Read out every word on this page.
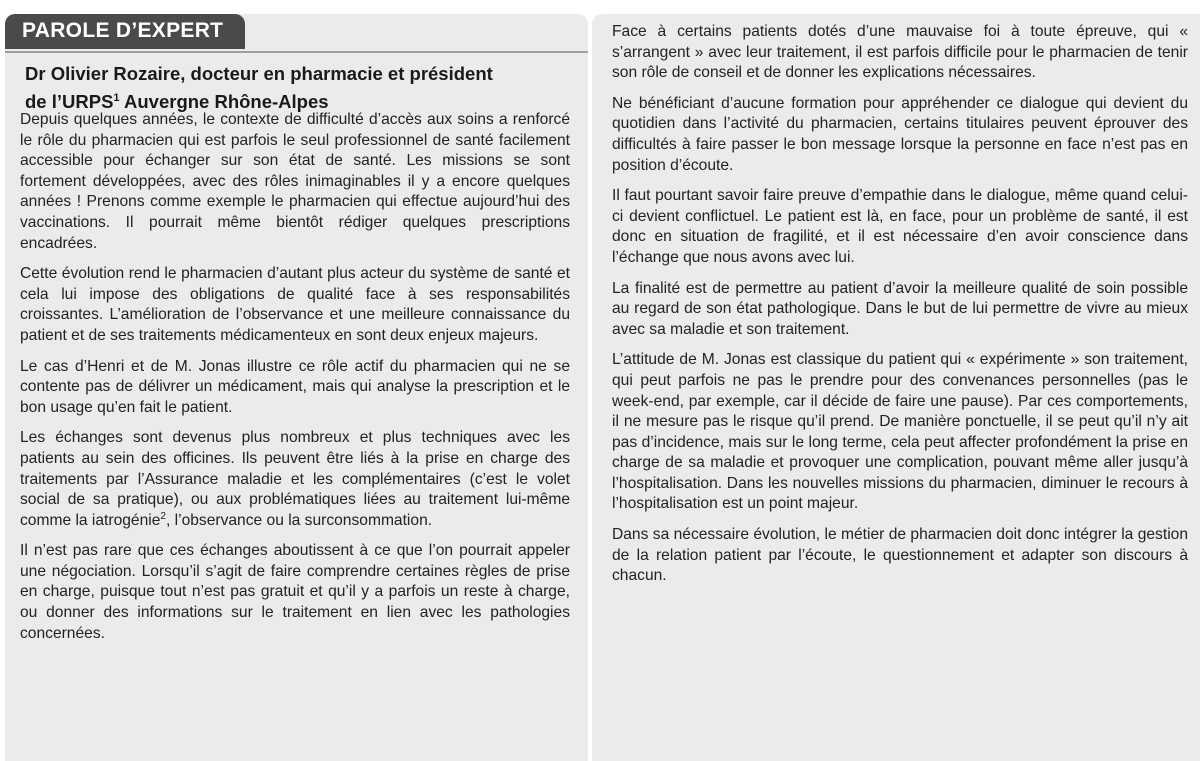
PAROLE D’EXPERT
Dr Olivier Rozaire, docteur en pharmacie et président
de l’URPS$^1$ Auvergne Rhône-Alpes

Depuis quelques années, le contexte de difficulté d’accès aux soins a renforcé le rôle du pharmacien qui est parfois le seul professionnel de santé facilement accessible pour échanger sur son état de santé. Les missions se sont fortement développées, avec des rôles inimaginables il y a encore quelques années ! Prenons comme exemple le pharmacien qui effectue aujourd’hui des vaccinations. Il pourrait même bientôt rédiger quelques prescriptions encadrées.

Cette évolution rend le pharmacien d’autant plus acteur du système de santé et cela lui impose des obligations de qualité face à ses responsabilités croissantes. L’amélioration de l’observance et une meilleure connaissance du patient et de ses traitements médicamenteux en sont deux enjeux majeurs.

Le cas d’Henri et de M. Jonas illustre ce rôle actif du pharmacien qui ne se contente pas de délivrer un médicament, mais qui analyse la prescription et le bon usage qu’en fait le patient.

Les échanges sont devenus plus nombreux et plus techniques avec les patients au sein des officines. Ils peuvent être liés à la prise en charge des traitements par l’Assurance maladie et les complémentaires (c’est le volet social de sa pratique), ou aux problématiques liées au traitement lui-même comme la iatrogénie$^2$, l’observance ou la surconsommation.

Il n’est pas rare que ces échanges aboutissent à ce que l’on pourrait appeler une négociation. Lorsqu’il s’agit de faire comprendre certaines règles de prise en charge, puisque tout n’est pas gratuit et qu’il y a parfois un reste à charge, ou donner des informations sur le traitement en lien avec les pathologies concernées.

Face à certains patients dotés d’une mauvaise foi à toute épreuve, qui « s’arrangent » avec leur traitement, il est parfois difficile pour le pharmacien de tenir son rôle de conseil et de donner les explications nécessaires.

Ne bénéficiant d’aucune formation pour appréhender ce dialogue qui devient du quotidien dans l’activité du pharmacien, certains titulaires peuvent éprouver des difficultés à faire passer le bon message lorsque la personne en face n’est pas en position d’écoute.

Il faut pourtant savoir faire preuve d’empathie dans le dialogue, même quand celui-ci devient conflictuel. Le patient est là, en face, pour un problème de santé, il est donc en situation de fragilité, et il est nécessaire d’en avoir conscience dans l’échange que nous avons avec lui.

La finalité est de permettre au patient d’avoir la meilleure qualité de soin possible au regard de son état pathologique. Dans le but de lui permettre de vivre au mieux avec sa maladie et son traitement.

L’attitude de M. Jonas est classique du patient qui « expérimente » son traitement, qui peut parfois ne pas le prendre pour des convenances personnelles (pas le week-end, par exemple, car il décide de faire une pause). Par ces comportements, il ne mesure pas le risque qu’il prend. De manière ponctuelle, il se peut qu’il n’y ait pas d’incidence, mais sur le long terme, cela peut affecter profondément la prise en charge de sa maladie et provoquer une complication, pouvant même aller jusqu’à l’hospitalisation. Dans les nouvelles missions du pharmacien, diminuer le recours à l’hospitalisation est un point majeur.

Dans sa nécessaire évolution, le métier de pharmacien doit donc intégrer la gestion de la relation patient par l’écoute, le questionnement et adapter son discours à chacun.
